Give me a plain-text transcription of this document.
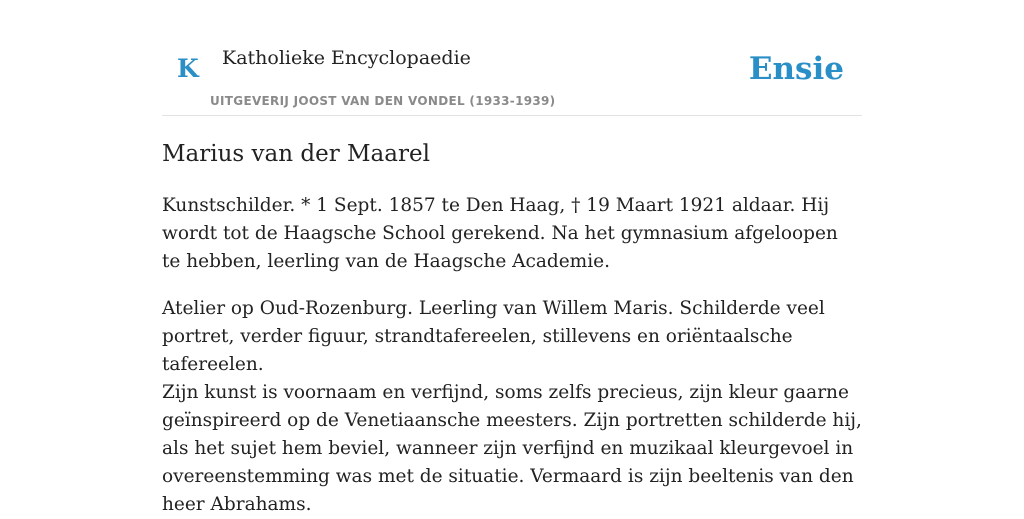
K Katholieke Encyclopaedie
UITGEVERIJ JOOST VAN DEN VONDEL (1933-1939)
Ensie
Marius van der Maarel

Kunstschilder. * 1 Sept. 1857 te Den Haag, † 19 Maart 1921 aldaar. Hij wordt tot de Haagsche School gerekend. Na het gymnasium afgeloopen te hebben, leerling van de Haagsche Academie.

Atelier op Oud-Rozenburg. Leerling van Willem Maris. Schilderde veel portret, verder figuur, strandtafereelen, stillevens en oriëntaalsche tafereelen.

Zijn kunst is voornaam en verfijnd, soms zelfs precieus, zijn kleur gaarne geïnspireerd op de Venetiaansche meesters. Zijn portretten schilderde hij, als het sujet hem beviel, wanneer zijn verfijnd en muzikaal kleurgevoel in overeenstemming was met de situatie. Vermaard is zijn beeltenis van den heer Abrahams.
